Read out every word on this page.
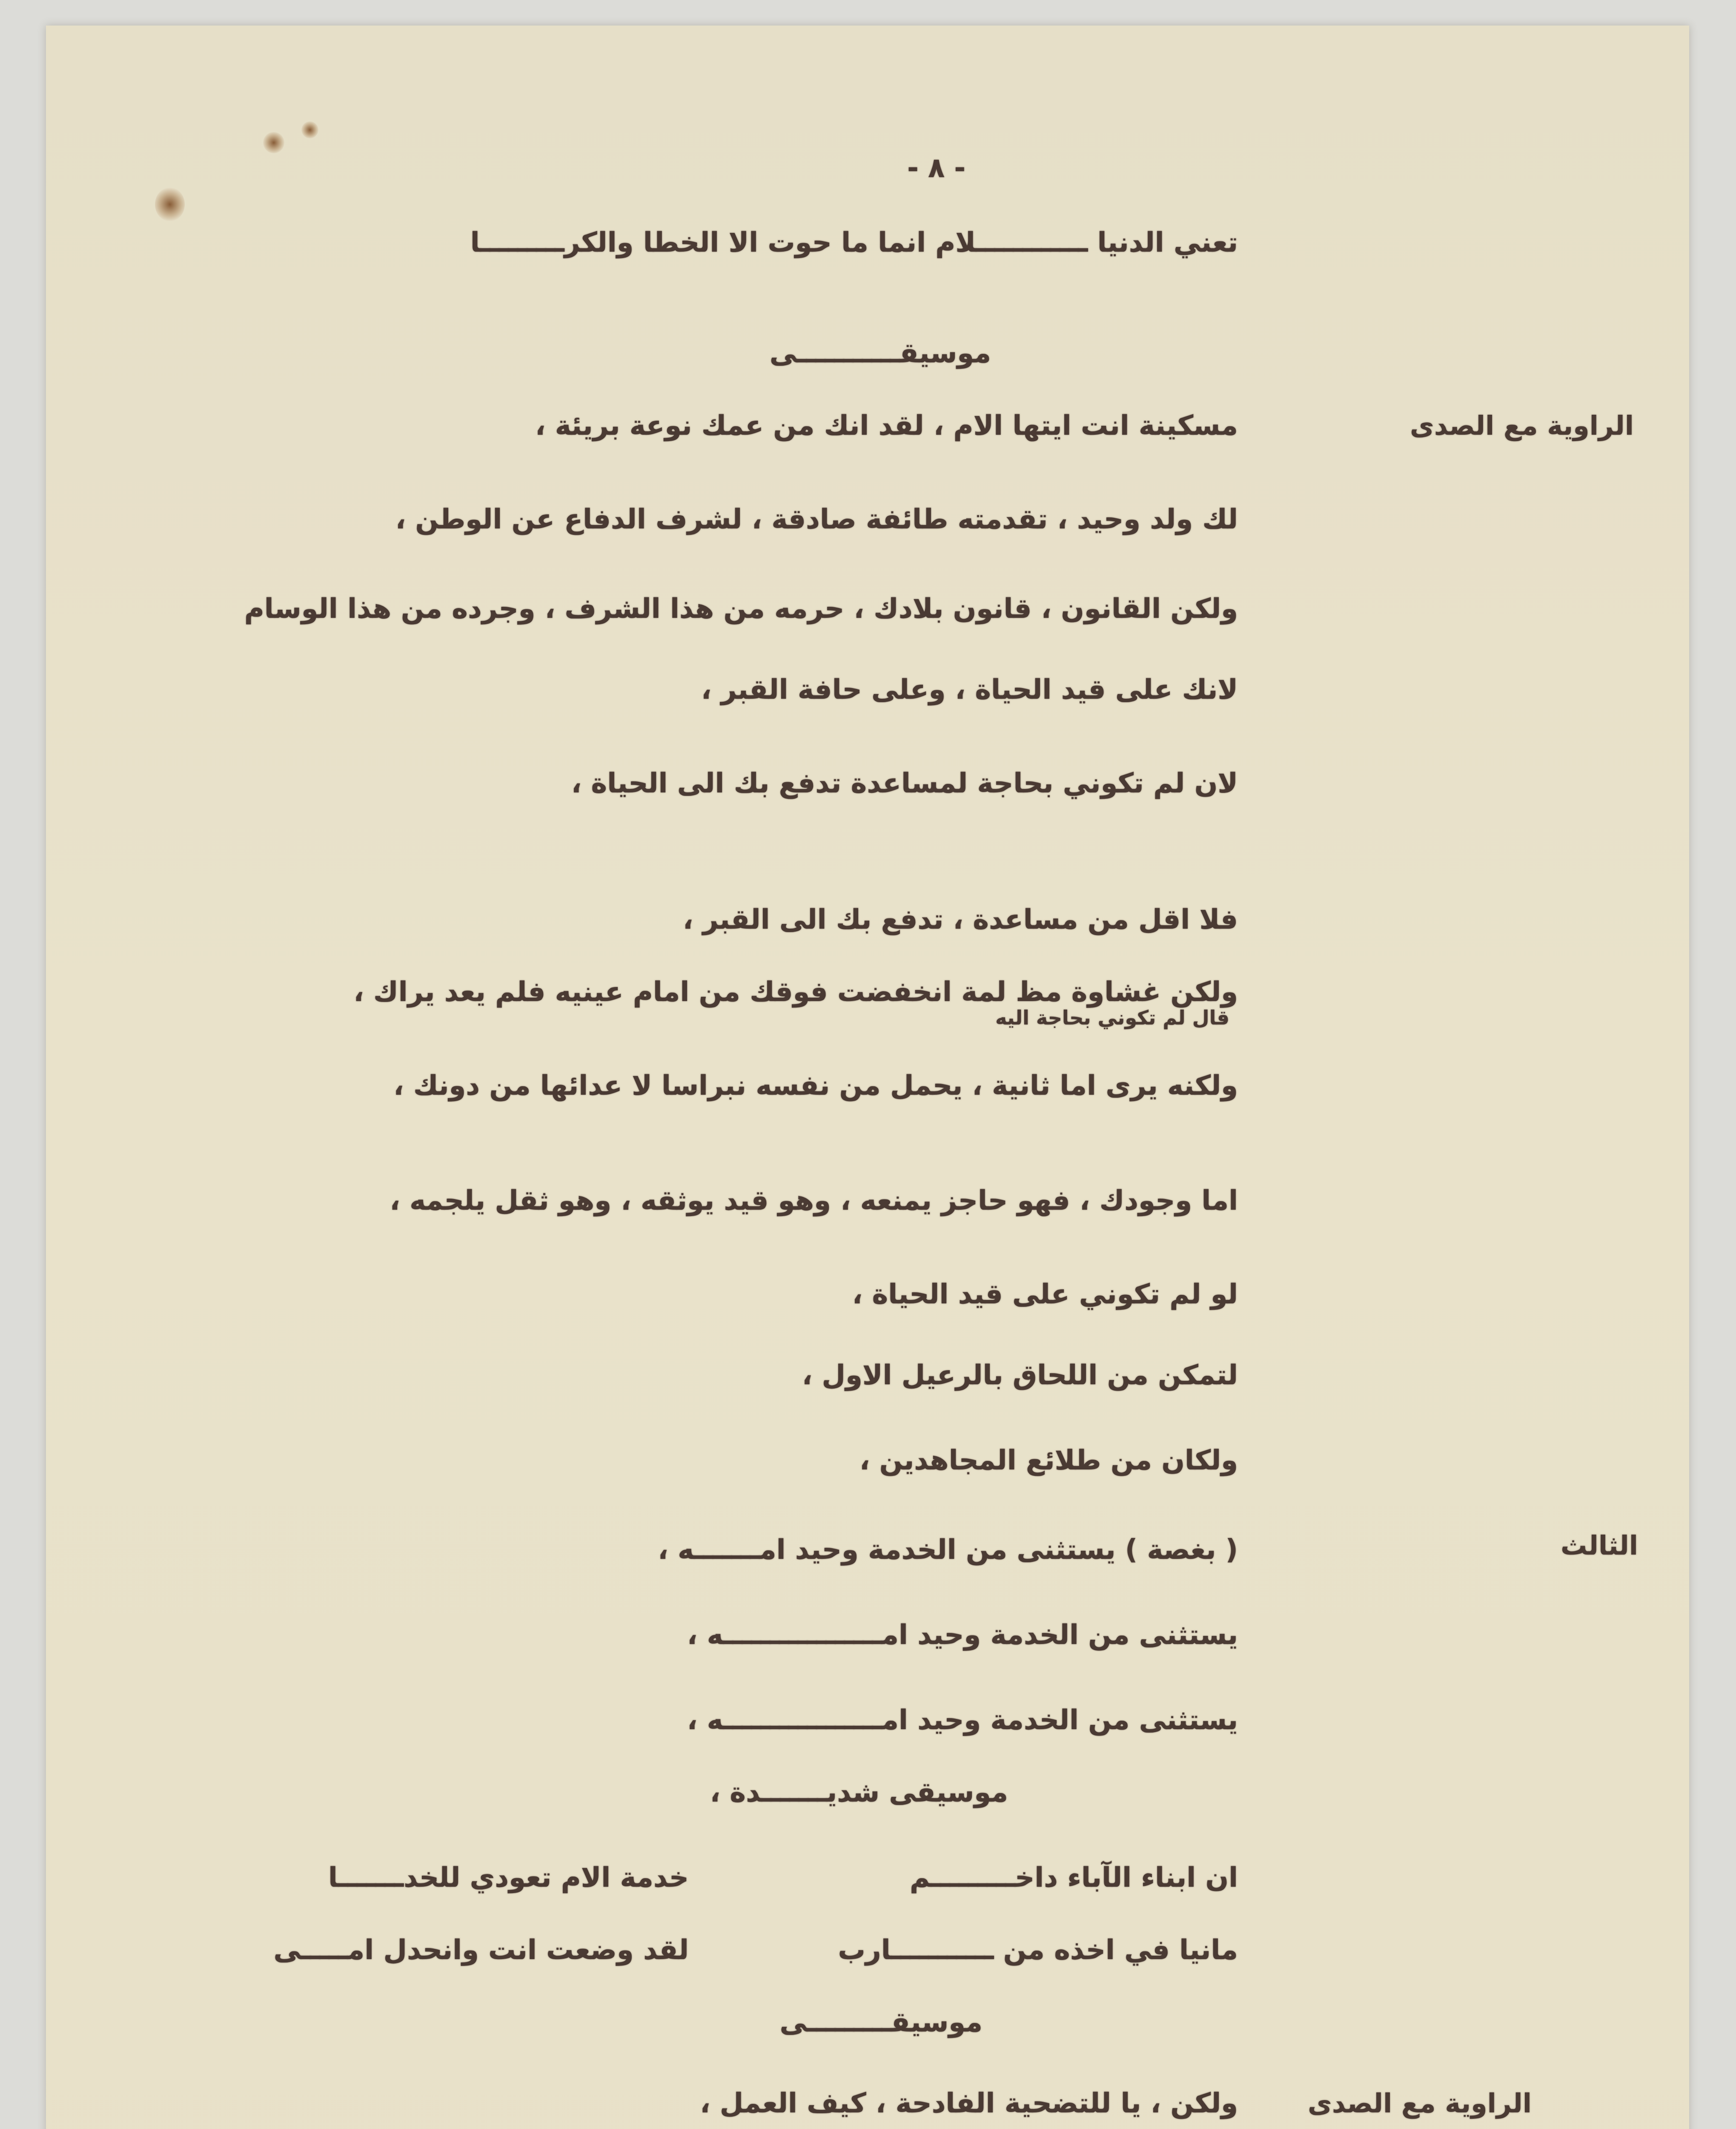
- ٨ -
تعني الدنيا ــــــــــــلام انما ما حوت الا الخطا والكرـــــــــا
موسيقـــــــــــى
الراوية مع الصدى
مسكينة انت ايتها الام ، لقد انك من عمك نوعة بريئة ،
لك ولد وحيد ، تقدمته طائفة صادقة ، لشرف الدفاع عن الوطن ،
ولكن القانون ، قانون بلادك ، حرمه من هذا الشرف ، وجرده من هذا الوسام
لانك على قيد الحياة ، وعلى حافة القبر ،
لان لم تكوني بحاجة لمساعدة تدفع بك الى الحياة ،
فلا اقل من مساعدة ، تدفع بك الى القبر ،
ولكن غشاوة مظ لمة انخفضت فوقك من امام عينيه فلم يعد يراك ،
قال لم تكوني بحاجة اليه
ولكنه يرى اما ثانية ، يحمل من نفسه نبراسا لا عدائها من دونك ،
اما وجودك ، فهو حاجز يمنعه ، وهو قيد يوثقه ، وهو ثقل يلجمه ،
لو لم تكوني على قيد الحياة ،
لتمكن من اللحاق بالرعيل الاول ،
ولكان من طلائع المجاهدين ،
الثالث
( بغصة ) يستثنى من الخدمة وحيد امـــــــه ،
يستثنى من الخدمة وحيد امـــــــــــــــــه ،
يستثنى من الخدمة وحيد امـــــــــــــــــه ،
موسيقى شديـــــــدة ،
ان ابناء الآباء داخـــــــــم
خدمة الام تعودي للخدـــــــا
مانيا في اخذه من ـــــــــــارب
لقد وضعت انت وانحدل امـــــى
موسيقـــــــــى
الراوية مع الصدى
ولكن ، يا للتضحية الفادحة ، كيف العمل ،
